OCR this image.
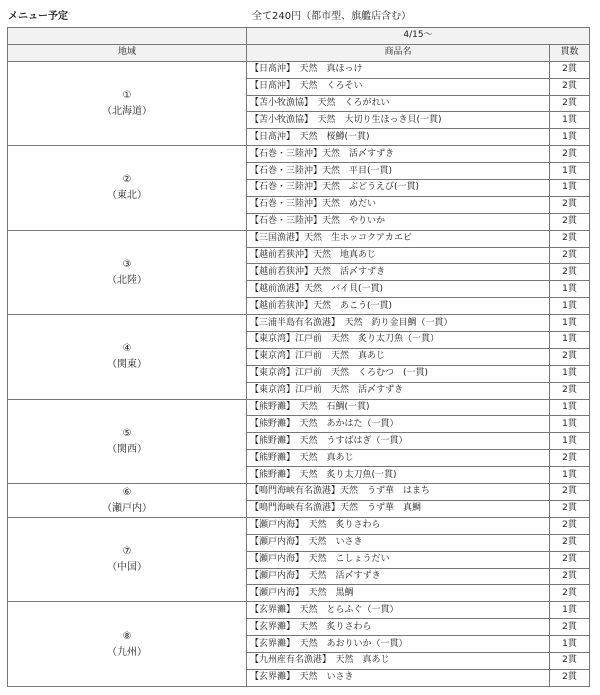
メニュー予定	全て240円（都市型、旗艦店含む）
	4/15～	
地域	商品名	貫数

①
（北海道）	【日髙沖】　天然　真ほっけ	2貫
	【日髙沖】　天然　くろそい	2貫
	【苫小牧漁協】　天然　くろがれい	2貫
	【苫小牧漁協】　天然　大切り生ほっき貝(一貫)	1貫
	【日髙沖】　天然　桜鱒(一貫)	1貫

②
（東北）	【石巻・三陸沖】天然　活〆すずき	2貫
	【石巻・三陸沖】天然　平目(一貫)	1貫
	【石巻・三陸沖】天然　ぶどうえび(一貫)	1貫
	【石巻・三陸沖】天然　めだい	2貫
	【石巻・三陸沖】天然　やりいか	2貫

③
（北陸）	【三国漁港】天然　生ホッコクアカエビ	2貫
	【越前若狭沖】天然　地真あじ	2貫
	【越前若狭沖】天然　活〆すずき	2貫
	【越前漁港】天然　バイ貝(一貫)	1貫
	【越前若狭沖】天然　あこう(一貫)	1貫

④
（関東）	【三浦半島有名漁港】　天然　釣り金目鯛（一貫）	1貫
	【東京湾】江戸前　天然　炙り太刀魚（一貫）	1貫
	【東京湾】江戸前　天然　真あじ	2貫
	【東京湾】江戸前　天然　くろむつ　(一貫)	1貫
	【東京湾】江戸前　天然　活〆すずき	2貫

⑤
（関西）	【熊野灘】　天然　石鯛(一貫)	1貫
	【熊野灘】　天然　あかはた（一貫）	1貫
	【熊野灘】　天然　うすばはぎ（一貫）	1貫
	【熊野灘】　天然　真あじ	2貫
	【熊野灘】　天然　炙り太刀魚(一貫)	1貫

⑥
（瀬戸内）	【鳴門海峡有名漁港】天然　うず華　はまち	2貫
	【鳴門海峡有名漁港】天然　うず華　真鯛	2貫

⑦
（中国）	【瀬戸内海】　天然　炙りさわら	2貫
	【瀬戸内海】　天然　いさき	2貫
	【瀬戸内海】　天然　こしょうだい	2貫
	【瀬戸内海】　天然　活〆すずき	2貫
	【瀬戸内海】　天然　黒鯛	2貫

⑧
（九州）	【玄界灘】　天然　とらふぐ（一貫）	1貫
	【玄界灘】　天然　炙りさわら	2貫
	【玄界灘】　天然　あおりいか（一貫）	1貫
	【九州産有名漁港】　天然　真あじ	2貫
	【玄界灘】　天然　いさき	2貫
